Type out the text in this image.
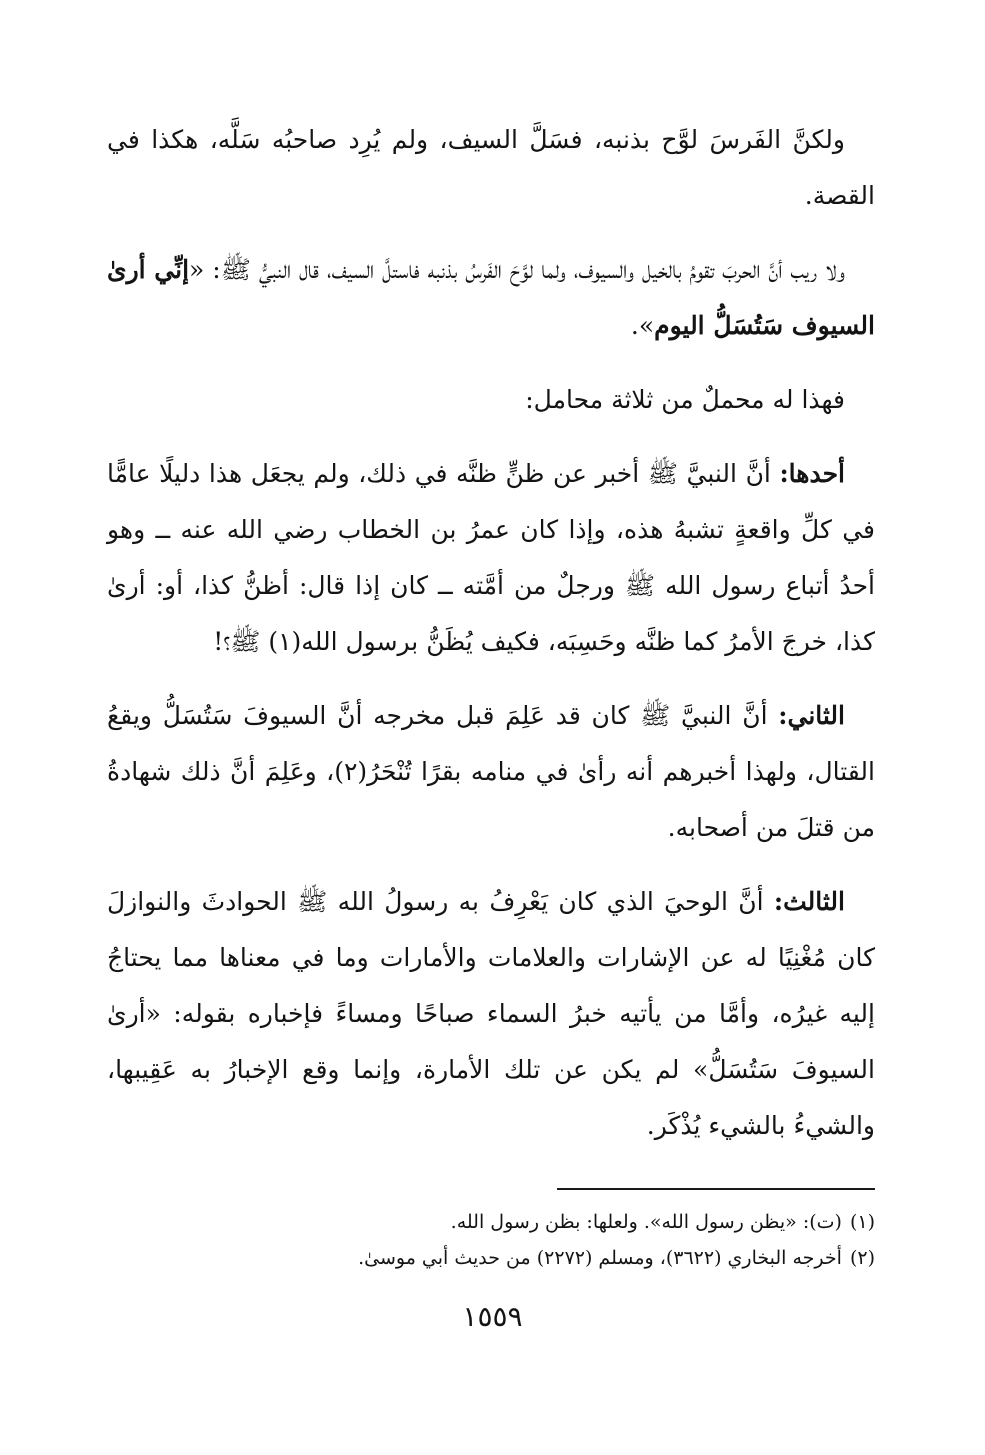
ولكنَّ الفَرسَ لوَّح بذنبه، فسَلَّ السيف، ولم يُرِد صاحبُه سَلَّه، هكذا في القصة.

ولا ريب أنَّ الحربَ تقومُ بالخيل والسيوف، ولما لوَّحَ الفَرسُ بذنبه فاستلَّ السيف، قال النبيُّ ﷺ: «إنِّي أرىٰ السيوف سَتُسَلُّ اليوم».

فهذا له محملٌ من ثلاثة محامل:

أحدها: أنَّ النبيَّ ﷺ أخبر عن ظنٍّ ظنَّه في ذلك، ولم يجعَل هذا دليلًا عامًّا في كلِّ واقعةٍ تشبهُ هذه، وإذا كان عمرُ بن الخطاب رضي الله عنه ــ وهو أحدُ أتباع رسول الله ﷺ ورجلٌ من أمَّته ــ كان إذا قال: أظنُّ كذا، أو: أرىٰ كذا، خرجَ الأمرُ كما ظنَّه وحَسِبَه، فكيف يُظَنُّ برسول الله(١) ﷺ؟!

الثاني: أنَّ النبيَّ ﷺ كان قد عَلِمَ قبل مخرجه أنَّ السيوفَ سَتُسَلُّ ويقعُ القتال، ولهذا أخبرهم أنه رأىٰ في منامه بقرًا تُنْحَرُ(٢)، وعَلِمَ أنَّ ذلك شهادةُ من قتلَ من أصحابه.

الثالث: أنَّ الوحيَ الذي كان يَعْرِفُ به رسولُ الله ﷺ الحوادثَ والنوازلَ كان مُغْنِيًا له عن الإشارات والعلامات والأمارات وما في معناها مما يحتاجُ إليه غيرُه، وأمَّا من يأتيه خبرُ السماء صباحًا ومساءً فإخباره بقوله: «أرىٰ السيوفَ سَتُسَلُّ» لم يكن عن تلك الأمارة، وإنما وقع الإخبارُ به عَقِيبها، والشيءُ بالشيء يُذْكَر.

(١)(ت): «يظن رسول الله». ولعلها: بظن رسول الله.

(٢)أخرجه البخاري (٣٦٢٢)، ومسلم (٢٢٧٢) من حديث أبي موسىٰ.

١٥٥٩
